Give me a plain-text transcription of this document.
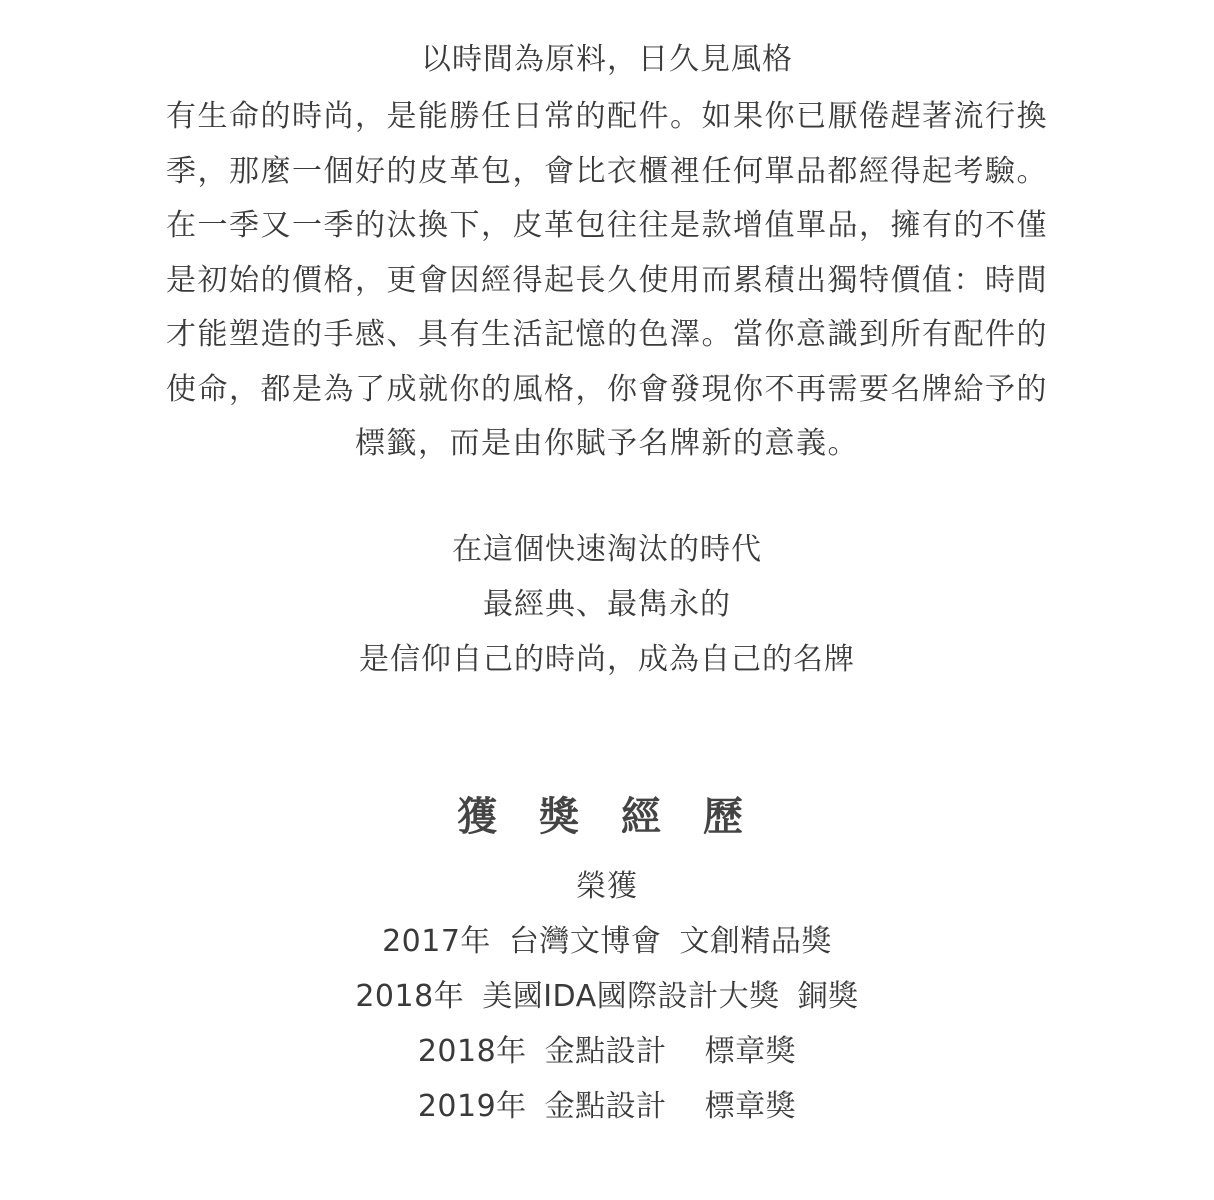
以時間為原料，日久見風格
有生命的時尚，是能勝任日常的配件。如果你已厭倦趕著流行換
季，那麼一個好的皮革包，會比衣櫃裡任何單品都經得起考驗。
在一季又一季的汰換下，皮革包往往是款增值單品，擁有的不僅
是初始的價格，更會因經得起長久使用而累積出獨特價值：時間
才能塑造的手感、具有生活記憶的色澤。當你意識到所有配件的
使命，都是為了成就你的風格，你會發現你不再需要名牌給予的
標籤，而是由你賦予名牌新的意義。
在這個快速淘汰的時代
最經典、最雋永的
是信仰自己的時尚，成為自己的名牌
獲 獎 經 歷
榮獲
2017年 台灣文博會 文創精品獎
2018年 美國IDA國際設計大獎 銅獎
2018年 金點設計 標章獎
2019年 金點設計 標章獎
